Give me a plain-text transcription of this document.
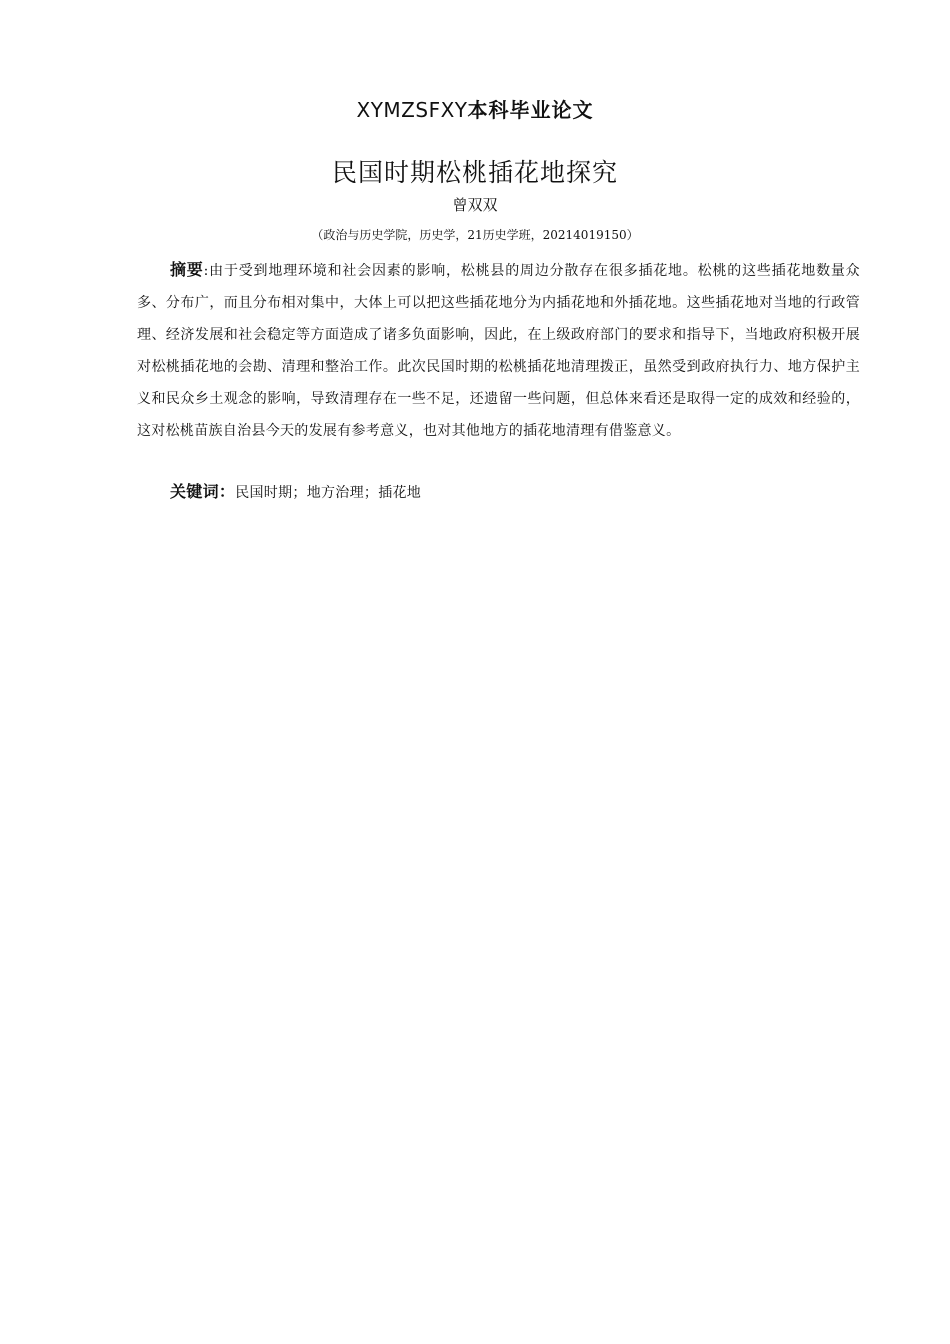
XYMZSFXY本科毕业论文
民国时期松桃插花地探究
曾双双
（政治与历史学院，历史学，21历史学班，20214019150）
摘要:由于受到地理环境和社会因素的影响，松桃县的周边分散存在很多插花地。松桃的这些插花地数量众多、分布广，而且分布相对集中，大体上可以把这些插花地分为内插花地和外插花地。这些插花地对当地的行政管理、经济发展和社会稳定等方面造成了诸多负面影响，因此，在上级政府部门的要求和指导下，当地政府积极开展对松桃插花地的会勘、清理和整治工作。此次民国时期的松桃插花地清理拨正，虽然受到政府执行力、地方保护主义和民众乡土观念的影响，导致清理存在一些不足，还遗留一些问题，但总体来看还是取得一定的成效和经验的，这对松桃苗族自治县今天的发展有参考意义，也对其他地方的插花地清理有借鉴意义。
关键词：民国时期；地方治理；插花地
